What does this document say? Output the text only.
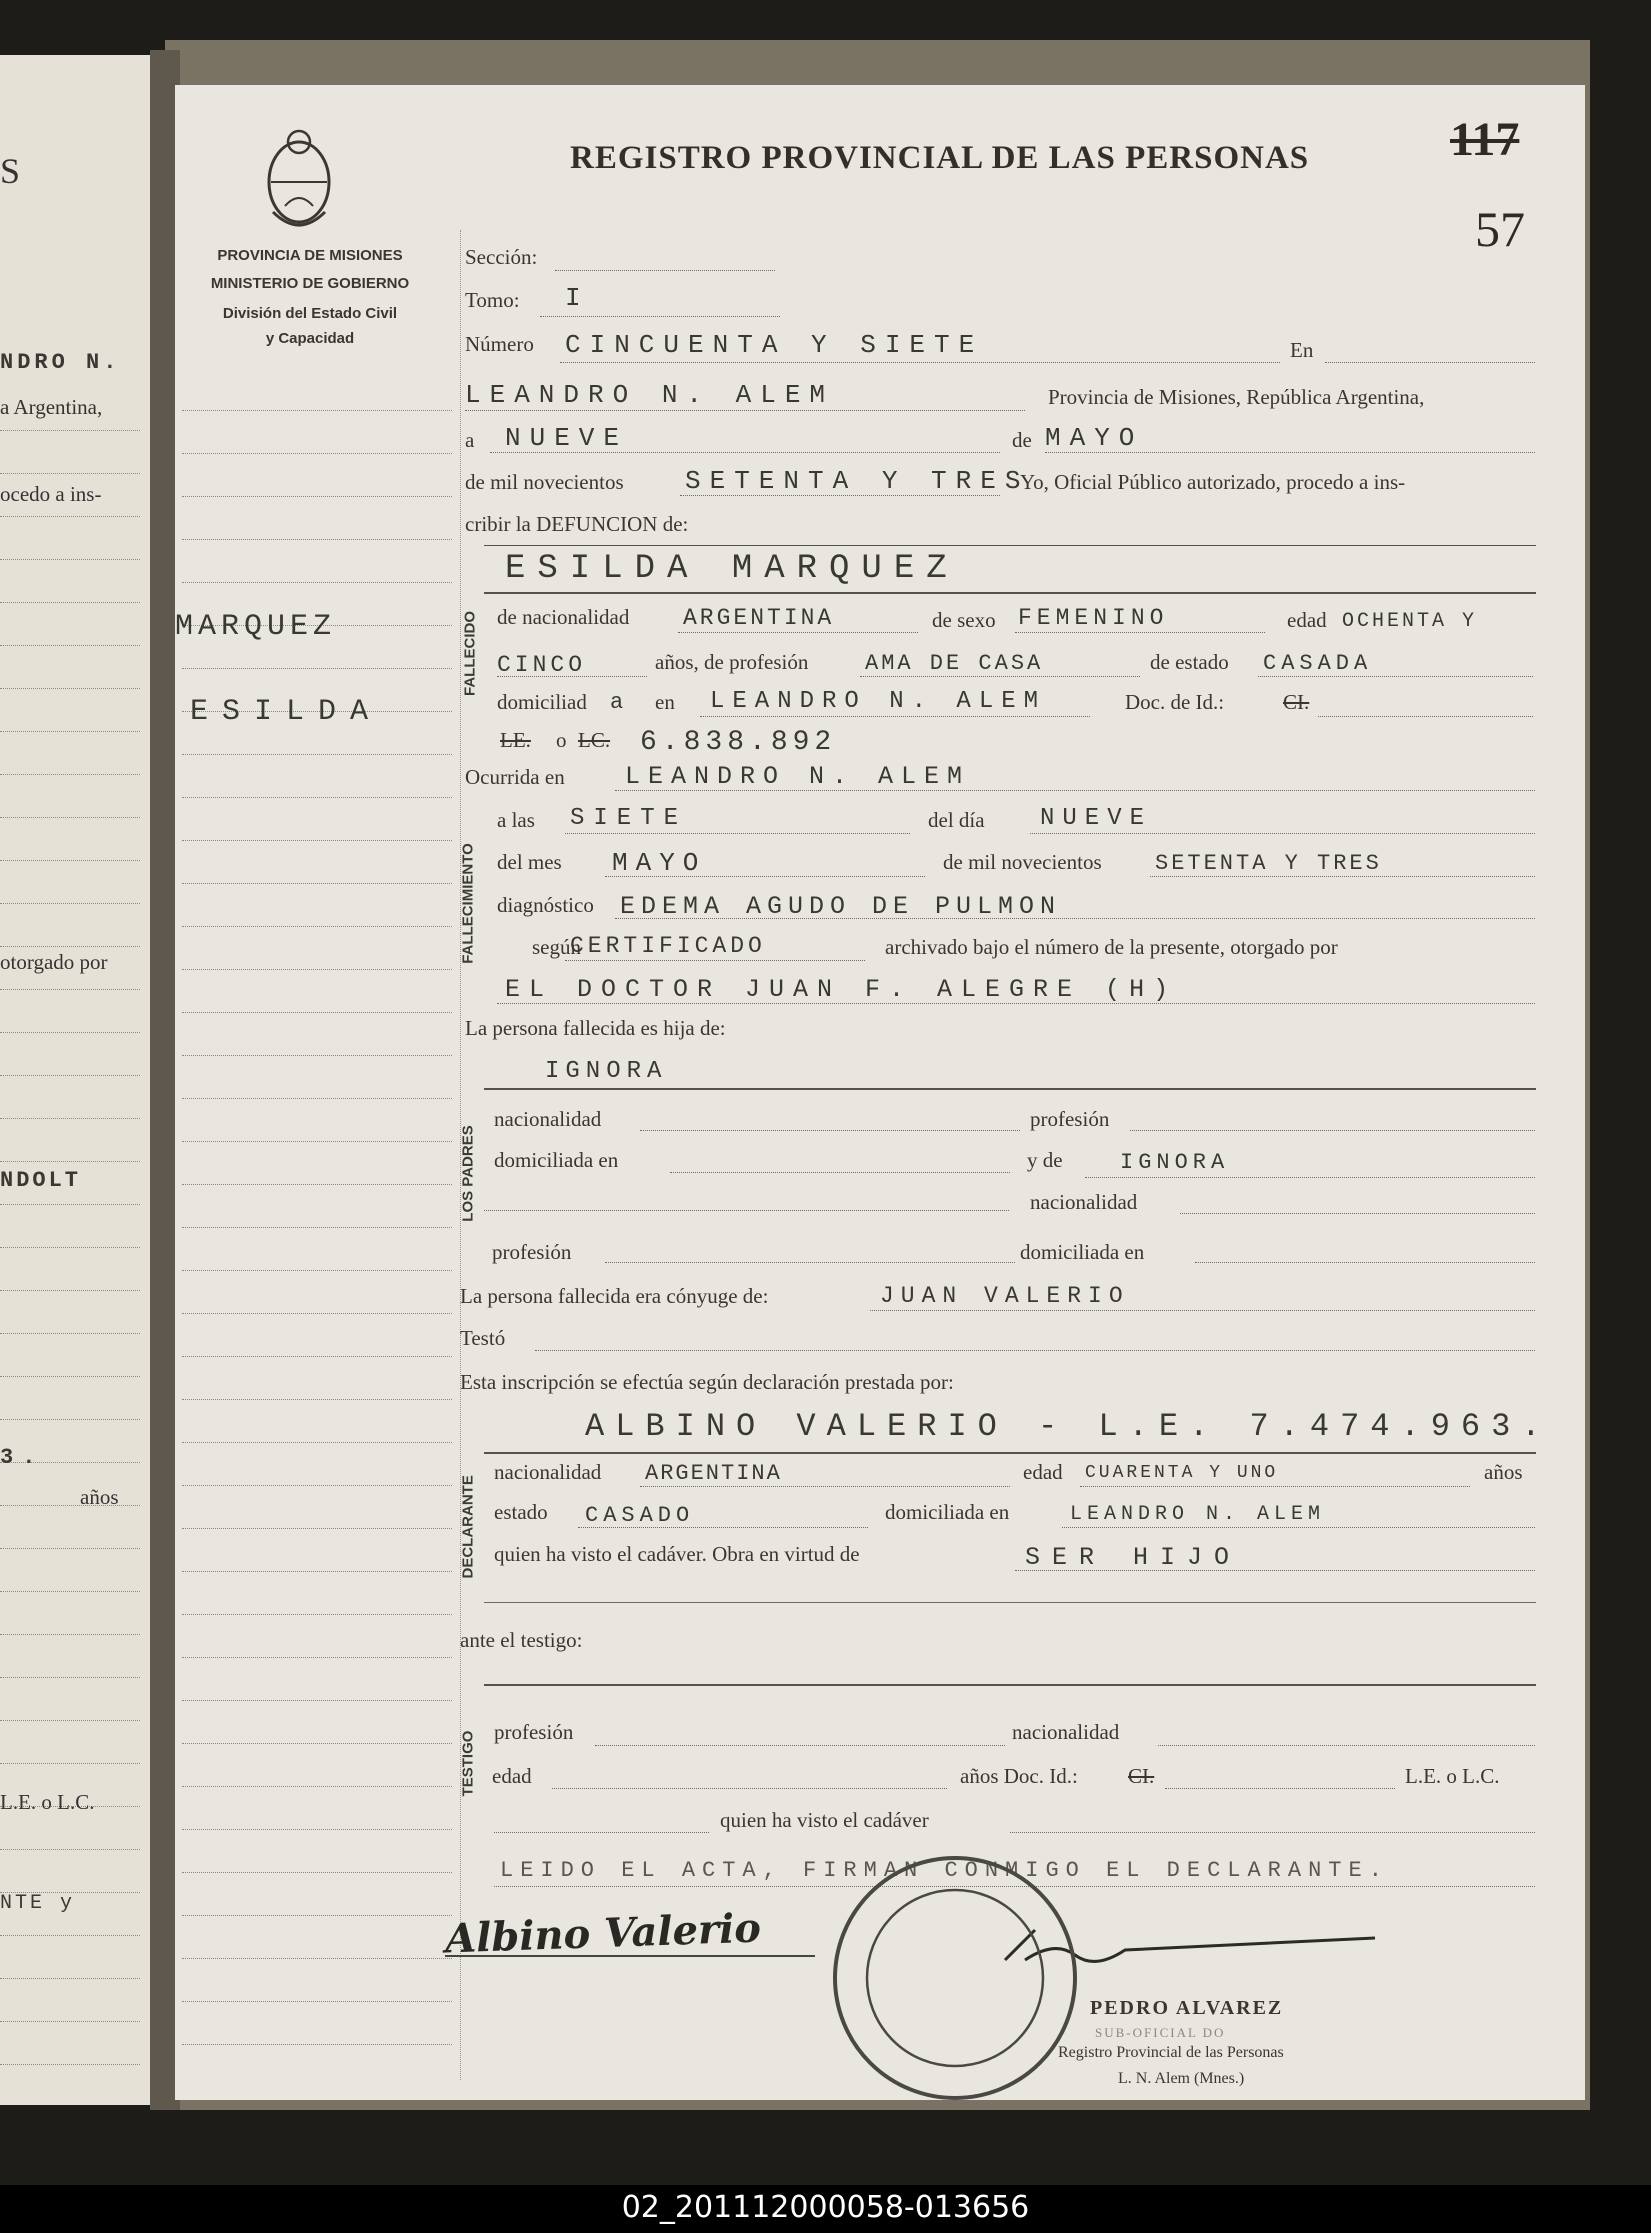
S
NDRO N.
a Argentina,
ocedo a ins-
otorgado por
NDOLT
3.
años
L.E. o L.C.
NTE y
PROVINCIA DE MISIONES
MINISTERIO DE GOBIERNO
División del Estado Civil
y Capacidad
REGISTRO PROVINCIAL DE LAS PERSONAS	117
57
MARQUEZ
ESILDA
Sección:
Tomo: I
Número CINCUENTA Y SIETE	En
LEANDRO N. ALEM	Provincia de Misiones, República Argentina,
a NUEVE	de MAYO
de mil novecientos SETENTA Y TRES
Yo, Oficial Público autorizado, procedo a ins-
cribir la DEFUNCION de:
FALLECIDO
ESILDA MARQUEZ
de nacionalidad ARGENTINA	de sexo FEMENINO	edad OCHENTA Y
CINCO	años, de profesión	AMA DE CASA	de estado CASADA
domiciliad a en LEANDRO N. ALEM	Doc. de Id.:	CI.
LE. o LC. 6.838.892
Ocurrida en LEANDRO N. ALEM
FALLECIMIENTO
a las SIETE	del día NUEVE
del mes MAYO	de mil novecientos SETENTA Y TRES
diagnóstico EDEMA AGUDO DE PULMON
según
CERTIFICADO	archivado bajo el número de la presente, otorgado por
EL DOCTOR JUAN F. ALEGRE (H)
La persona fallecida es hija de:
LOS PADRES
IGNORA
nacionalidad	profesión
domiciliada en	y de	IGNORA
nacionalidad
profesión	domiciliada en
La persona fallecida era cónyuge de:	JUAN VALERIO
Testó
Esta inscripción se efectúa según declaración prestada por:
DECLARANTE
ALBINO VALERIO - L.E. 7.474.963.
nacionalidad ARGENTINA	edad CUARENTA Y UNO	años
estado CASADO	domiciliada en	LEANDRO N. ALEM
quien ha visto el cadáver. Obra en virtud de	SER HIJO
ante el testigo:
TESTIGO profesión	nacionalidad
edad	años Doc. Id.: CI.	L.E. o L.C.
quien ha visto el cadáver
LEIDO EL ACTA, FIRMAN CONMIGO EL DECLARANTE.
Albino Valerio
PEDRO ALVAREZ
SUB-OFICIAL DO
Registro Provincial de las Personas
L. N. Alem (Mnes.)
02_201112000058-013656
